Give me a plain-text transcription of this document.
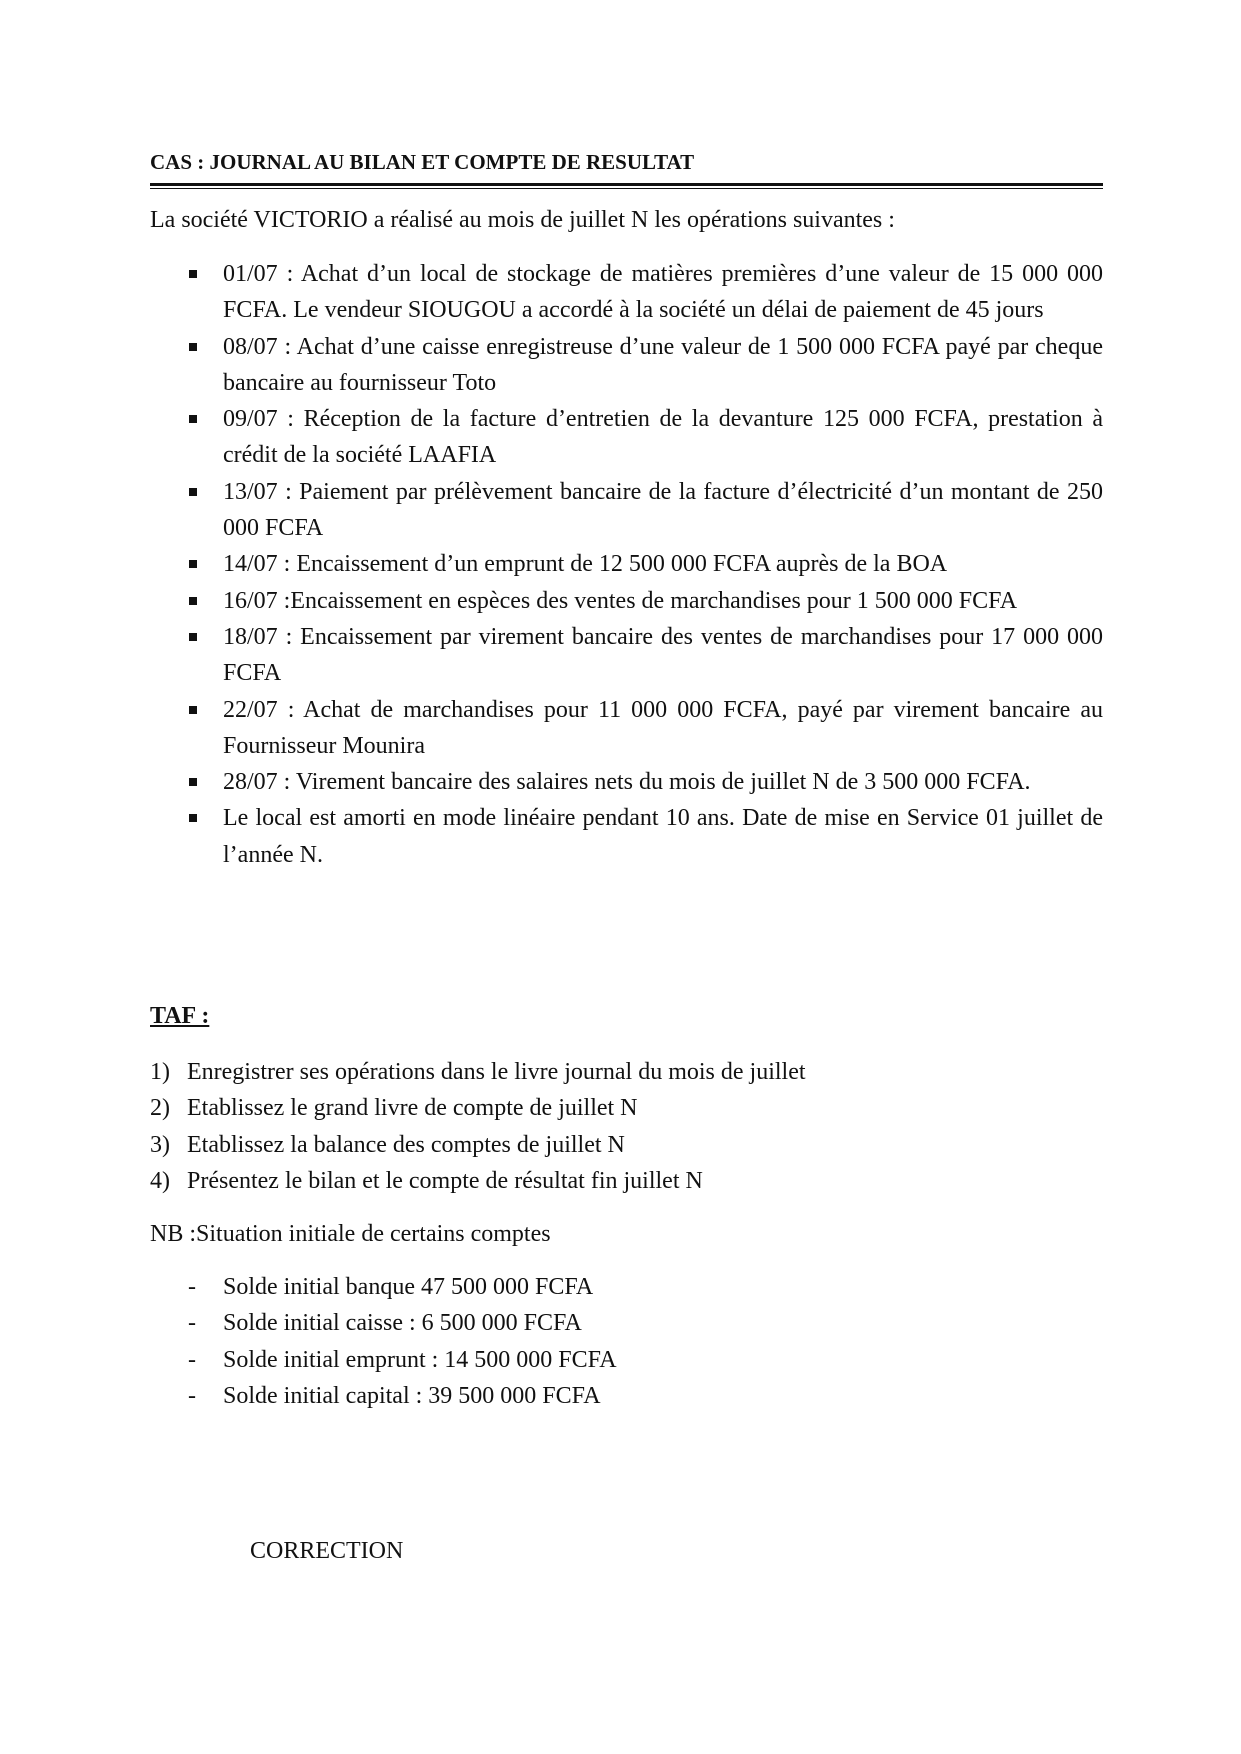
CAS : JOURNAL AU BILAN ET COMPTE DE RESULTAT
La société VICTORIO a réalisé au mois de juillet N les opérations suivantes :
01/07 : Achat d’un local de stockage de matières premières d’une valeur de 15 000 000 FCFA. Le vendeur SIOUGOU a accordé à la société un délai de paiement de 45 jours
08/07 : Achat d’une caisse enregistreuse d’une valeur de 1 500 000 FCFA payé par cheque bancaire au fournisseur Toto
09/07 : Réception de la facture d’entretien de la devanture 125 000 FCFA, prestation à crédit de la société LAAFIA
13/07 : Paiement par prélèvement bancaire de la facture d’électricité d’un montant de 250 000 FCFA
14/07 : Encaissement d’un emprunt de 12 500 000 FCFA auprès de la BOA
16/07 :Encaissement en espèces des ventes de marchandises pour 1 500 000 FCFA
18/07 : Encaissement par virement bancaire des ventes de marchandises pour 17 000 000 FCFA
22/07 : Achat de marchandises pour 11 000 000 FCFA, payé par virement bancaire au Fournisseur Mounira
28/07 : Virement bancaire des salaires nets du mois de juillet N de 3 500 000 FCFA.
Le local est amorti en mode linéaire pendant 10 ans. Date de mise en Service 01 juillet de l’année N.
TAF :
1) Enregistrer ses opérations dans le livre journal du mois de juillet
2) Etablissez le grand livre de compte de juillet N
3) Etablissez la balance des comptes de juillet N
4) Présentez le bilan et le compte de résultat fin juillet N
NB :Situation initiale de certains comptes
- Solde initial banque 47 500 000 FCFA
- Solde initial caisse : 6 500 000 FCFA
- Solde initial emprunt : 14 500 000 FCFA
- Solde initial capital : 39 500 000 FCFA
CORRECTION
